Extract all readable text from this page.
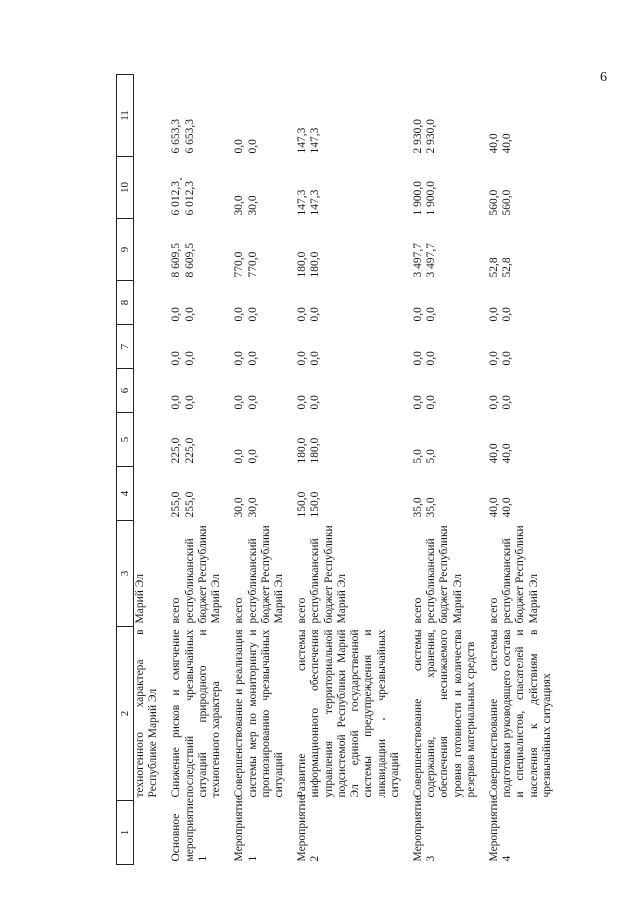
6
1	2	3	4	5	6	7	8	9	10	11
	техногенного характера в Республике Марий Эл	Марий Эл								
Основное мероприятие 1	Снижение рисков и смягчение последствий чрезвычайных ситуаций природного и техногенного характера	всего республиканский бюджет Республики Марий Эл	255,0 255,0	225,0 225,0	0,0 0,0	0,0 0,0	0,0 0,0	8 609,5 8 609,5	6 012,3 6 012,3	6 653,3 6 653,3

Мероприятие 1	Совершенствование и реализация системы мер по мониторингу и прогнозированию чрезвычайных ситуаций	всего республиканский бюджет Республики Марий Эл	30,0 30,0	0,0 0,0	0,0 0,0	0,0 0,0	0,0 0,0	770,0 770,0	30,0 30,0	0,0 0,0

Мероприятие 2	Развитие системы информационного обеспечения управления территориальной подсистемой Республики Марий Эл единой государственной системы предупреждения и ликвидации чрезвычайных ситуаций	всего республиканский бюджет Республики Марий Эл	150,0 150,0	180,0 180,0	0,0 0,0	0,0 0,0	0,0 0,0	180,0 180,0	147,3 147,3	147,3 147,3

Мероприятие 3	Совершенствование системы содержания, хранения, обеспечения неснижаемого уровня готовности и количества резервов материальных средств	всего республиканский бюджет Республики Марий Эл	35,0 35,0	5,0 5,0	0,0 0,0	0,0 0,0	0,0 0,0	3 497,7 3 497,7	1 900,0 1 900,0	2 930,0 2 930,0

Мероприятие 4	Совершенствование системы подготовки руководящего состава и специалистов, спасателей и населения к действиям в чрезвычайных ситуациях	всего республиканский бюджет Республики Марий Эл	40,0 40,0	40,0 40,0	0,0 0,0	0,0 0,0	0,0 0,0	52,8 52,8	560,0 560,0	40,0 40,0
